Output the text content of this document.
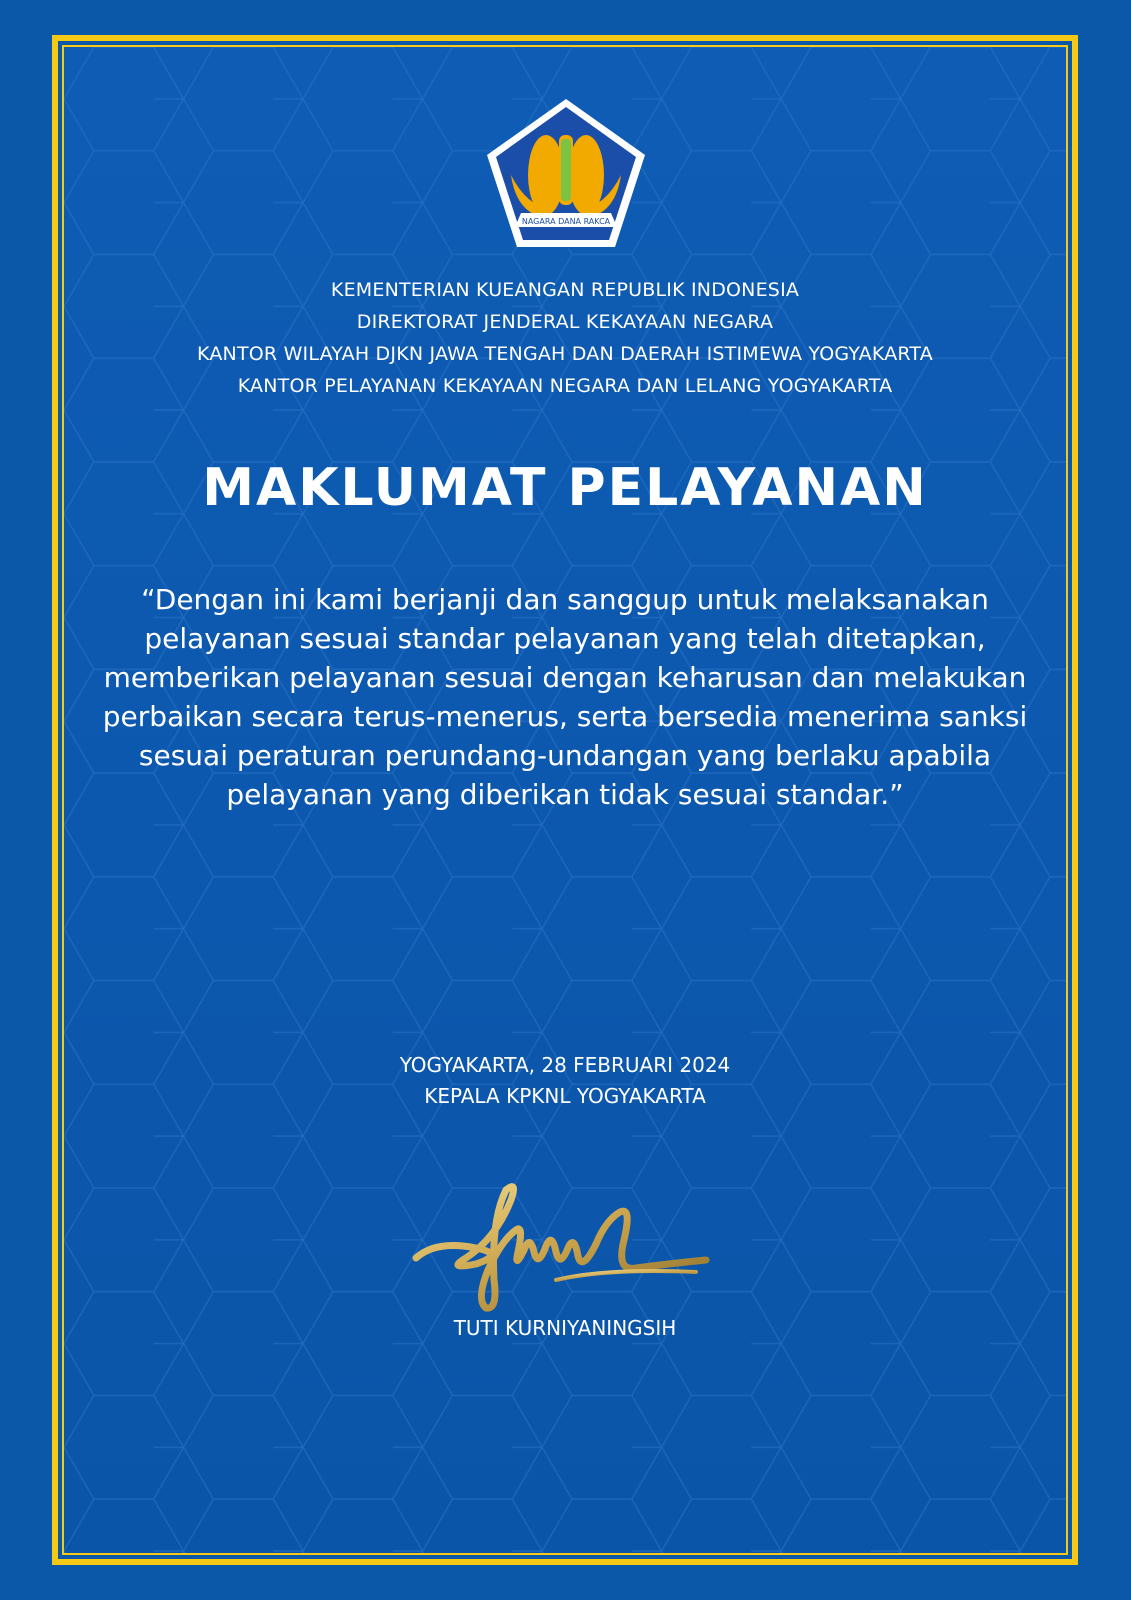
NAGARA DANA RAKCA
KEMENTERIAN KUEANGAN REPUBLIK INDONESIA
DIREKTORAT JENDERAL KEKAYAAN NEGARA
KANTOR WILAYAH DJKN JAWA TENGAH DAN DAERAH ISTIMEWA YOGYAKARTA
KANTOR PELAYANAN KEKAYAAN NEGARA DAN LELANG YOGYAKARTA
MAKLUMAT PELAYANAN
“Dengan ini kami berjanji dan sanggup untuk melaksanakan pelayanan sesuai standar pelayanan yang telah ditetapkan, memberikan pelayanan sesuai dengan keharusan dan melakukan perbaikan secara terus-menerus, serta bersedia menerima sanksi sesuai peraturan perundang-undangan yang berlaku apabila pelayanan yang diberikan tidak sesuai standar.”
YOGYAKARTA, 28 FEBRUARI 2024
KEPALA KPKNL YOGYAKARTA
TUTI KURNIYANINGSIH
